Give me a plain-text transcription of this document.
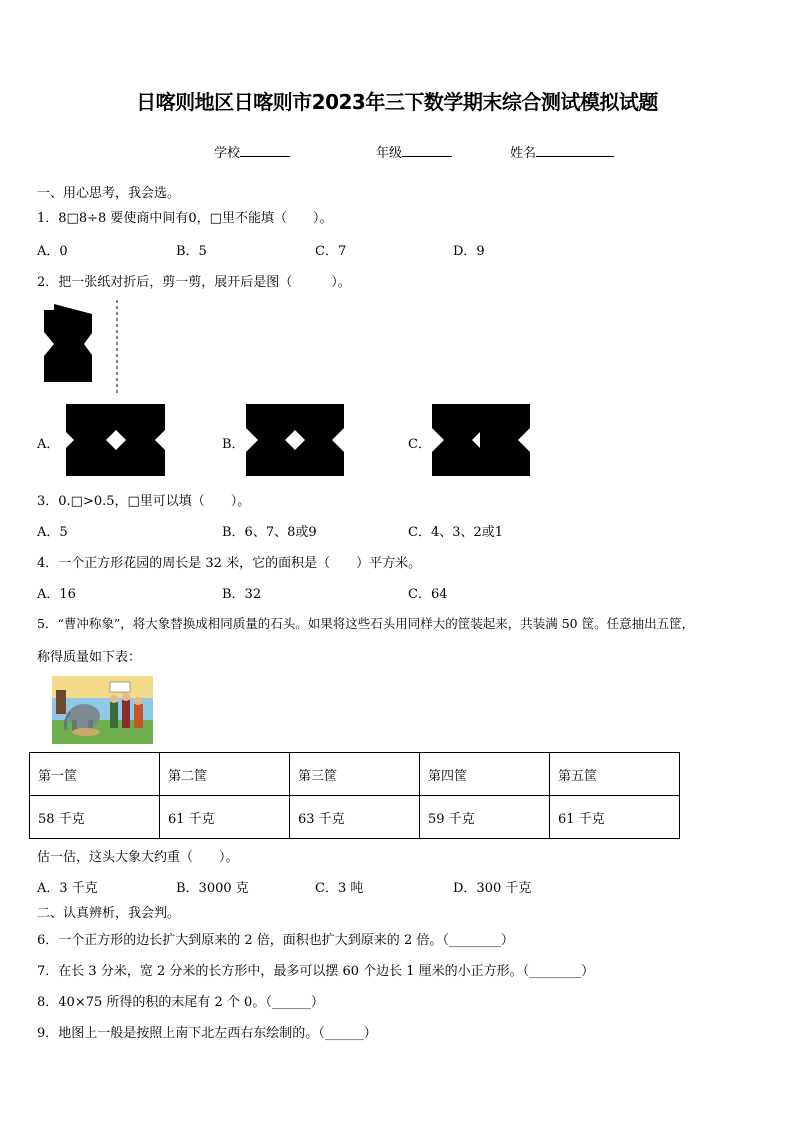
日喀则地区日喀则市2023年三下数学期末综合测试模拟试题
学校	年级	姓名
一、用心思考，我会选。
1．8□8÷8 要使商中间有0，□里不能填（　　）。
A．0	B．5	C．7	D．9
2．把一张纸对折后，剪一剪，展开后是图（　　　）。
A．	B．	C．
3．0.□>0.5，□里可以填（　　）。
A．5	B．6、7、8或9	C．4、3、2或1
4．一个正方形花园的周长是 32 米，它的面积是（　　）平方米。
A．16	B．32	C．64
5．“曹冲称象”，将大象替换成相同质量的石头。如果将这些石头用同样大的筐装起来，共装满 50 筐。任意抽出五筐，
称得质量如下表：
第一筐	第二筐	第三筐	第四筐	第五筐
58 千克	61 千克	63 千克	59 千克	61 千克
估一估，这头大象大约重（　　）。
A．3 千克	B．3000 克	C．3 吨	D．300 千克
二、认真辨析，我会判。
6．一个正方形的边长扩大到原来的 2 倍，面积也扩大到原来的 2 倍。（________）
7．在长 3 分米，宽 2 分米的长方形中，最多可以摆 60 个边长 1 厘米的小正方形。（________）
8．40×75 所得的积的末尾有 2 个 0。（______）
9．地图上一般是按照上南下北左西右东绘制的。（______）
